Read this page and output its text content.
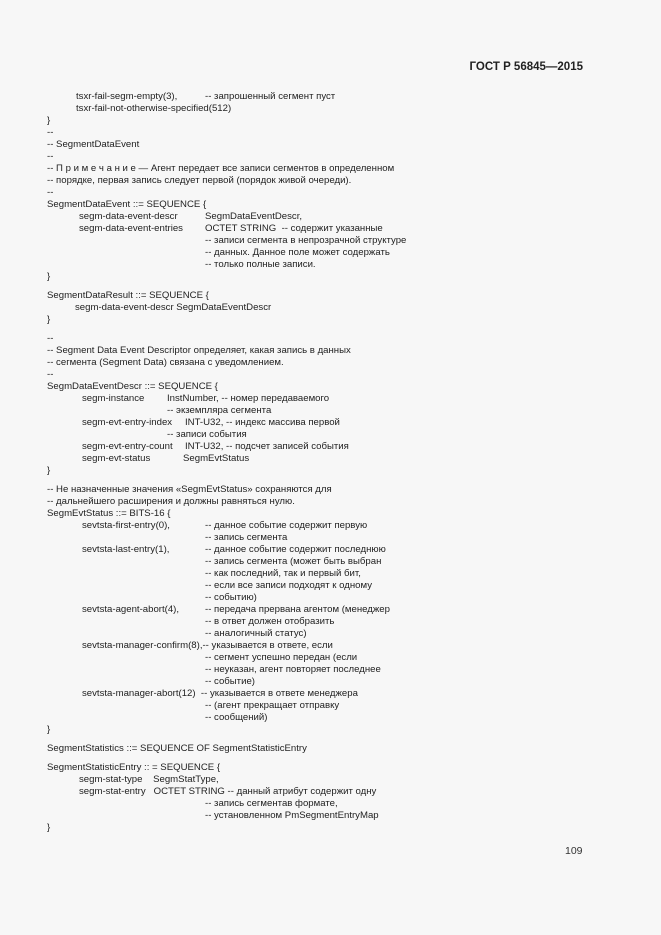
ГОСТ Р 56845—2015
tsxr-fail-segm-empty(3),	-- запрошенный сегмент пуст
tsxr-fail-not-otherwise-specified(512)
}
--
-- SegmentDataEvent
--
-- П р и м е ч а н и е — Агент передает все записи сегментов в определенном
-- порядке, первая запись следует первой (порядок живой очереди).
--
SegmentDataEvent ::= SEQUENCE {
segm-data-event-descr	SegmDataEventDescr,
segm-data-event-entries OCTET STRING  -- содержит указанные
-- записи сегмента в непрозрачной структуре
-- данных. Данное поле может содержать
-- только полные записи.
}
SegmentDataResult ::= SEQUENCE {
segm-data-event-descr SegmDataEventDescr
}
--
-- Segment Data Event Descriptor определяет, какая запись в данных
-- сегмента (Segment Data) связана с уведомлением.
--
SegmDataEventDescr ::= SEQUENCE {
segm-instance InstNumber, -- номер передаваемого
-- экземпляра сегмента
segm-evt-entry-index INT-U32, -- индекс массива первой
-- записи события
segm-evt-entry-count INT-U32, -- подсчет записей события
segm-evt-status	SegmEvtStatus
}
-- Не назначенные значения «SegmEvtStatus» сохраняются для
-- дальнейшего расширения и должны равняться нулю.
SegmEvtStatus ::= BITS-16 {
sevtsta-first-entry(0),	-- данное событие содержит первую
-- запись сегмента
sevtsta-last-entry(1),	-- данное событие содержит последнюю
-- запись сегмента (может быть выбран
-- как последний, так и первый бит,
-- если все записи подходят к одному
-- событию)
sevtsta-agent-abort(4),	-- передача прервана агентом (менеджер
-- в ответ должен отобразить
-- аналогичный статус)
sevtsta-manager-confirm(8),-- указывается в ответе, если
-- сегмент успешно передан (если
-- неуказан, агент повторяет последнее
-- событие)
sevtsta-manager-abort(12)  -- указывается в ответе менеджера
-- (агент прекращает отправку
-- сообщений)
}
SegmentStatistics ::= SEQUENCE OF SegmentStatisticEntry
SegmentStatisticEntry :: = SEQUENCE {
segm-stat-type    SegmStatType,
segm-stat-entry   OCTET STRING -- данный атрибут содержит одну
-- запись сегментав формате,
-- установленном PmSegmentEntryMap
}
109
